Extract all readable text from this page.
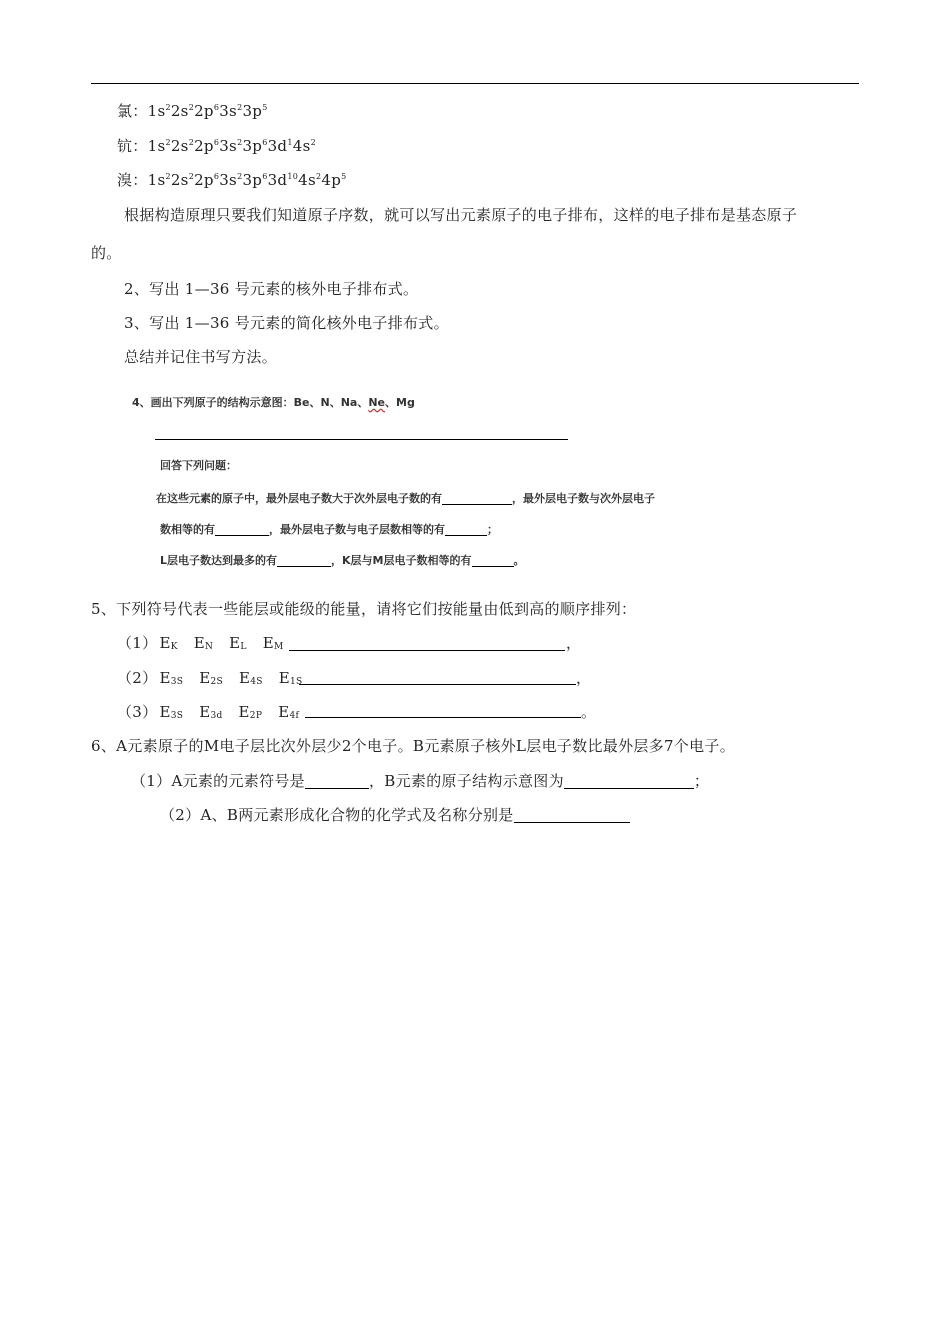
氯：$1s^22s^22p^63s^23p^5$
钪：$1s^22s^22p^63s^23p^63d^14s^2$
溴：$1s^22s^22p^63s^23p^63d^{10}4s^24p^5$
根据构造原理只要我们知道原子序数，就可以写出元素原子的电子排布，这样的电子排布是基态原子
的。
2、写出 1—36 号元素的核外电子排布式。
3、写出 1—36 号元素的简化核外电子排布式。
总结并记住书写方法。
4、画出下列原子的结构示意图：Be、N、Na、Ne、Mg
回答下列问题：
在这些元素的原子中，最外层电子数大于次外层电子数的有	，最外层电子数与次外层电子
数相等的有	，最外层电子数与电子层数相等的有	；
L层电子数达到最多的有	，K层与M层电子数相等的有	。
5、下列符号代表一些能层或能级的能量，请将它们按能量由低到高的顺序排列：
（1） $E_K$ $E_N$ $E_L$ $E_M$	，
（2） $E_{3S}$ $E_{2S}$ $E_{4S}$ $E_{1S}$	，
（3） $E_{3S}$ $E_{3d}$ $E_{2P}$ $E_{4f}$	。
6、A元素原子的M电子层比次外层少2个电子。B元素原子核外L层电子数比最外层多7个电子。
（1）A元素的元素符号是	，B元素的原子结构示意图为	；
（2）A、B两元素形成化合物的化学式及名称分别是
